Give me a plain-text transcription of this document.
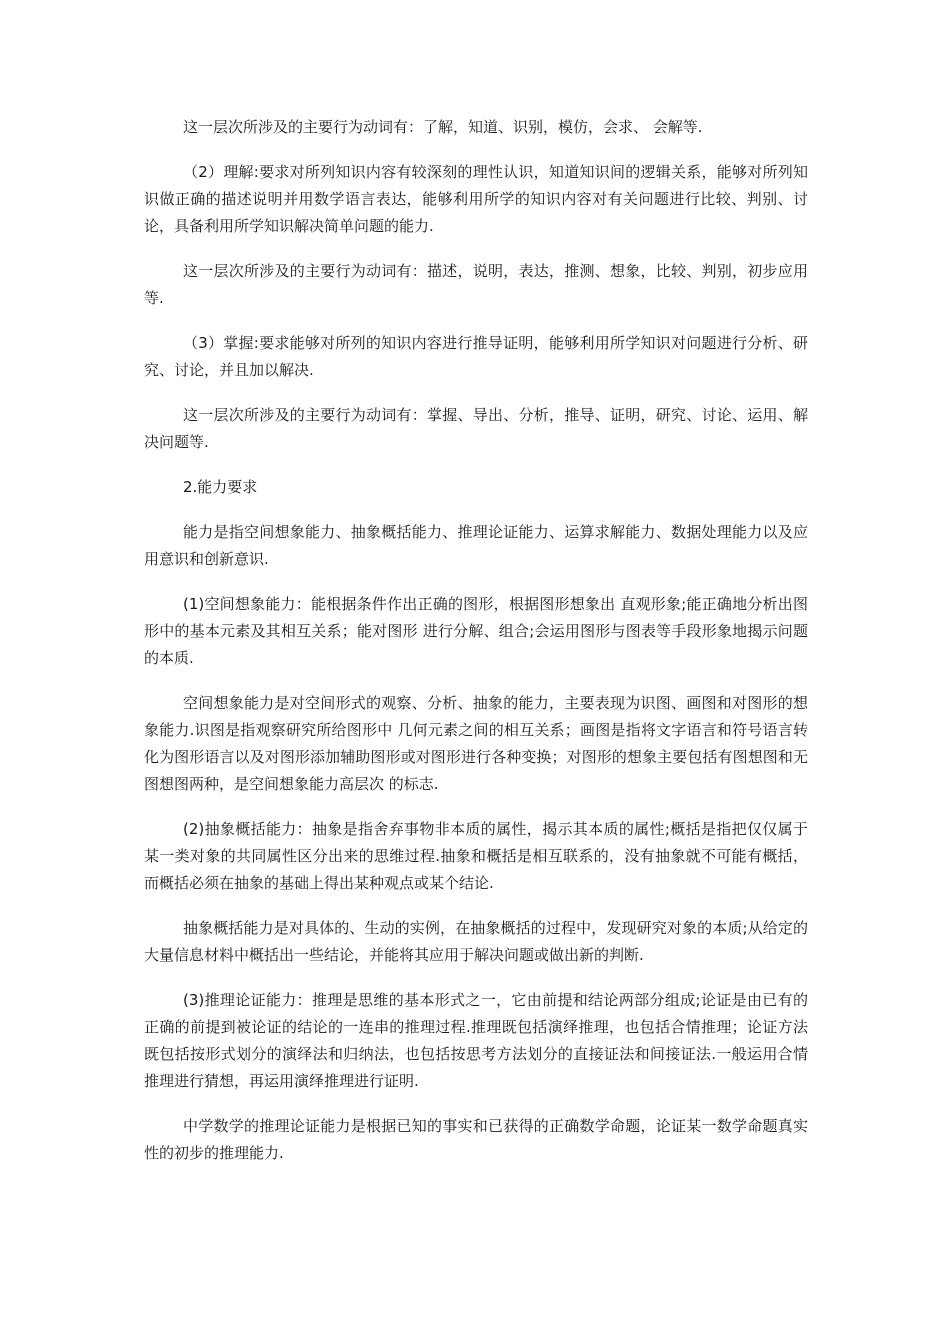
这一层次所涉及的主要行为动词有：了解，知道、识别，模仿，会求、 会解等.

（2）理解:要求对所列知识内容有较深刻的理性认识，知道知识间的逻辑关系，能够对所列知识做正确的描述说明并用数学语言表达，能够利用所学的知识内容对有关问题进行比较、判别、讨论，具备利用所学知识解决简单问题的能力.

这一层次所涉及的主要行为动词有：描述，说明，表达，推测、想象，比较、判别，初步应用等.

（3）掌握:要求能够对所列的知识内容进行推导证明，能够利用所学知识对问题进行分析、研究、讨论，并且加以解决.

这一层次所涉及的主要行为动词有：掌握、导出、分析，推导、证明，研究、讨论、运用、解决问题等.

2.能力要求

能力是指空间想象能力、抽象概括能力、推理论证能力、运算求解能力、数据处理能力以及应用意识和创新意识.

(1)空间想象能力：能根据条件作出正确的图形，根据图形想象出 直观形象;能正确地分析出图形中的基本元素及其相互关系；能对图形 进行分解、组合;会运用图形与图表等手段形象地揭示问题的本质.

空间想象能力是对空间形式的观察、分析、抽象的能力，主要表现为识图、画图和对图形的想象能力.识图是指观察研究所给图形中 几何元素之间的相互关系；画图是指将文字语言和符号语言转化为图形语言以及对图形添加辅助图形或对图形进行各种变换；对图形的想象主要包括有图想图和无图想图两种，是空间想象能力高层次 的标志.

(2)抽象概括能力：抽象是指舍弃事物非本质的属性，揭示其本质的属性;概括是指把仅仅属于某一类对象的共同属性区分出来的思维过程.抽象和概括是相互联系的，没有抽象就不可能有概括，而概括必须在抽象的基础上得出某种观点或某个结论.

抽象概括能力是对具体的、生动的实例，在抽象概括的过程中，发现研究对象的本质;从给定的大量信息材料中概括出一些结论，并能将其应用于解决问题或做出新的判断.

(3)推理论证能力：推理是思维的基本形式之一，它由前提和结论两部分组成;论证是由已有的正确的前提到被论证的结论的一连串的推理过程.推理既包括演绎推理，也包括合情推理；论证方法既包括按形式划分的演绎法和归纳法，也包括按思考方法划分的直接证法和间接证法.一般运用合情推理进行猜想，再运用演绎推理进行证明.

中学数学的推理论证能力是根据已知的事实和已获得的正确数学命题，论证某一数学命题真实性的初步的推理能力.
